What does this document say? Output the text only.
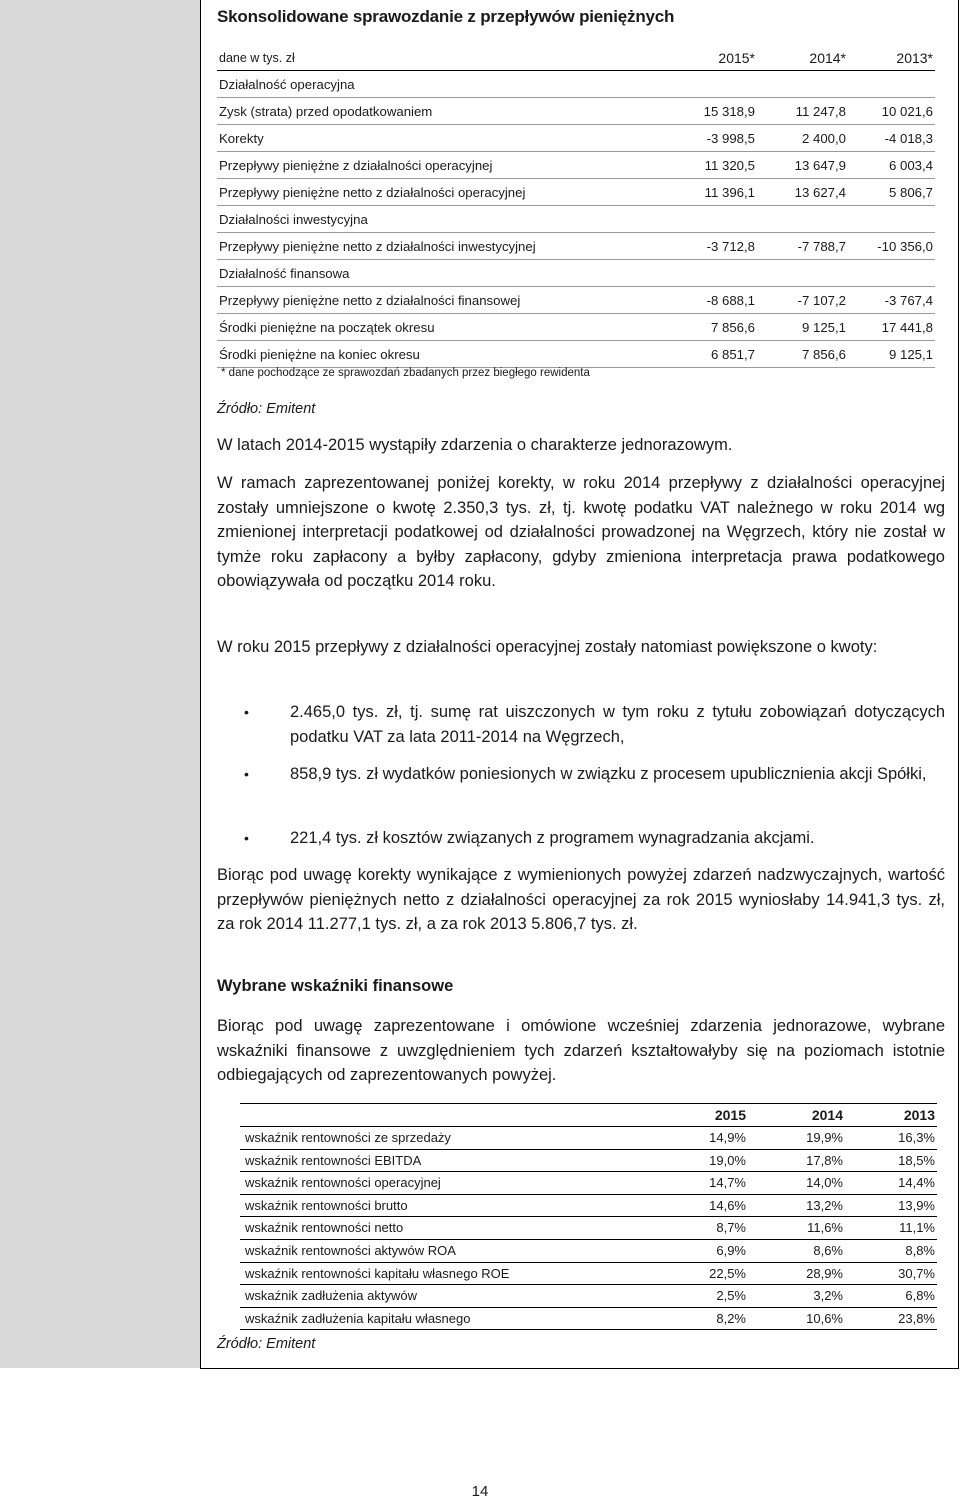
Skonsolidowane sprawozdanie z przepływów pieniężnych
dane w tys. zł	2015*	2014*	2013*
Działalność operacyjna
Zysk (strata) przed opodatkowaniem	15 318,9	11 247,8	10 021,6
Korekty	-3 998,5	2 400,0	-4 018,3
Przepływy pieniężne z działalności operacyjnej	11 320,5	13 647,9	6 003,4
Przepływy pieniężne netto z działalności operacyjnej	11 396,1	13 627,4	5 806,7
Działalności inwestycyjna
Przepływy pieniężne netto z działalności inwestycyjnej	-3 712,8	-7 788,7	-10 356,0
Działalność finansowa
Przepływy pieniężne netto z działalności finansowej	-8 688,1	-7 107,2	-3 767,4
Środki pieniężne na początek okresu	7 856,6	9 125,1	17 441,8
Środki pieniężne na koniec okresu	6 851,7	7 856,6	9 125,1
* dane pochodzące ze sprawozdań zbadanych przez biegłego rewidenta
Źródło: Emitent
W latach 2014-2015 wystąpiły zdarzenia o charakterze jednorazowym.
W ramach zaprezentowanej poniżej korekty, w roku 2014 przepływy z działalności operacyjnej zostały umniejszone o kwotę 2.350,3 tys. zł, tj. kwotę podatku VAT należnego w roku 2014 wg zmienionej interpretacji podatkowej od działalności prowadzonej na Węgrzech, który nie został w tymże roku zapłacony a byłby zapłacony, gdyby zmieniona interpretacja prawa podatkowego obowiązywała od początku 2014 roku.
W roku 2015 przepływy z działalności operacyjnej zostały natomiast powiększone o kwoty:
• 2.465,0 tys. zł, tj. sumę rat uiszczonych w tym roku z tytułu zobowiązań dotyczących podatku VAT za lata 2011-2014 na Węgrzech,
• 858,9 tys. zł wydatków poniesionych w związku z procesem upublicznienia akcji Spółki,
• 221,4 tys. zł kosztów związanych z programem wynagradzania akcjami.
Biorąc pod uwagę korekty wynikające z wymienionych powyżej zdarzeń nadzwyczajnych, wartość przepływów pieniężnych netto z działalności operacyjnej za rok 2015 wyniosłaby 14.941,3 tys. zł, za rok 2014 11.277,1 tys. zł, a za rok 2013 5.806,7 tys. zł.
Wybrane wskaźniki finansowe
Biorąc pod uwagę zaprezentowane i omówione wcześniej zdarzenia jednorazowe, wybrane wskaźniki finansowe z uwzględnieniem tych zdarzeń kształtowałyby się na poziomach istotnie odbiegających od zaprezentowanych powyżej.
2015	2014	2013
wskaźnik rentowności ze sprzedaży	14,9%	19,9%	16,3%
wskaźnik rentowności EBITDA	19,0%	17,8%	18,5%
wskaźnik rentowności operacyjnej	14,7%	14,0%	14,4%
wskaźnik rentowności brutto	14,6%	13,2%	13,9%
wskaźnik rentowności netto	8,7%	11,6%	11,1%
wskaźnik rentowności aktywów ROA	6,9%	8,6%	8,8%
wskaźnik rentowności kapitału własnego ROE	22,5%	28,9%	30,7%
wskaźnik zadłużenia aktywów	2,5%	3,2%	6,8%
wskaźnik zadłużenia kapitału własnego	8,2%	10,6%	23,8%
Źródło: Emitent
14
